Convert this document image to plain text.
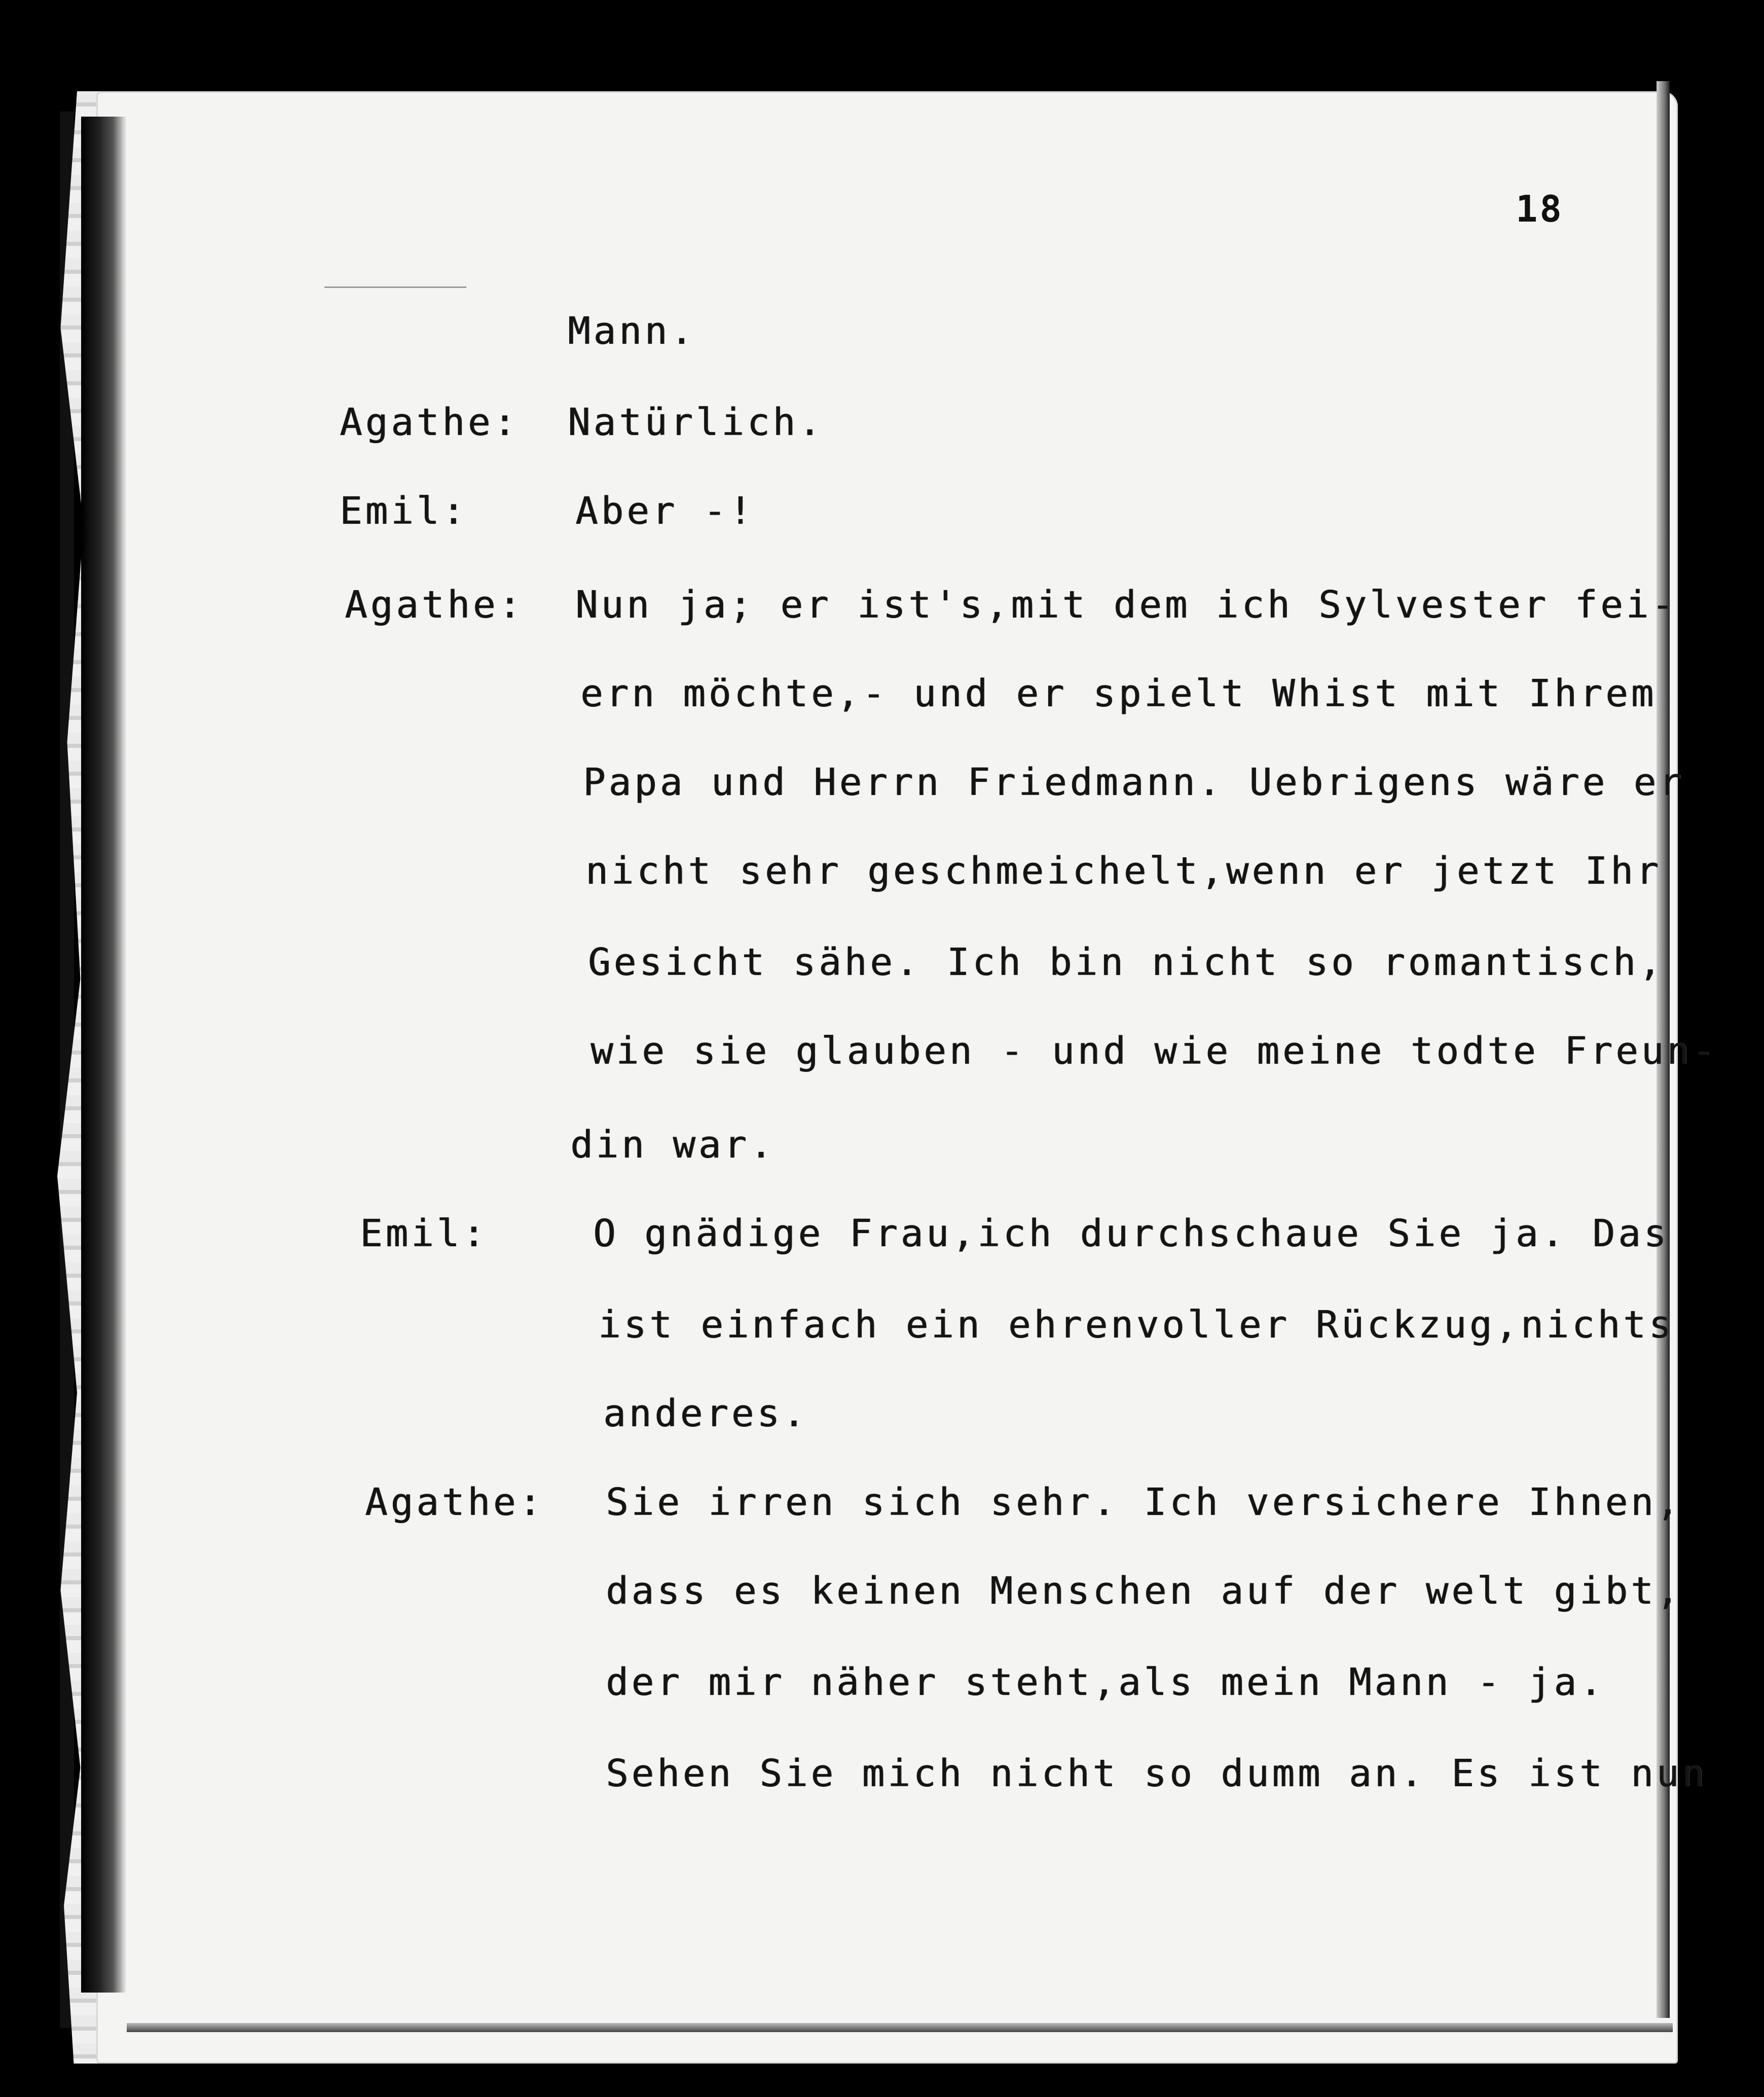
18
Mann.
Agathe: Natürlich.
Emil:	Aber -!
Agathe: Nun ja; er ist's,mit dem ich Sylvester fei-
ern möchte,- und er spielt Whist mit Ihrem
Papa und Herrn Friedmann. Uebrigens wäre er
nicht sehr geschmeichelt,wenn er jetzt Ihr
Gesicht sähe. Ich bin nicht so romantisch,
wie sie glauben - und wie meine todte Freun-
din war.
Emil:	O gnädige Frau,ich durchschaue Sie ja. Das
ist einfach ein ehrenvoller Rückzug,nichts
anderes.
Agathe: Sie irren sich sehr. Ich versichere Ihnen,
dass es keinen Menschen auf der welt gibt,
der mir näher steht,als mein Mann - ja.
Sehen Sie mich nicht so dumm an. Es ist nun
